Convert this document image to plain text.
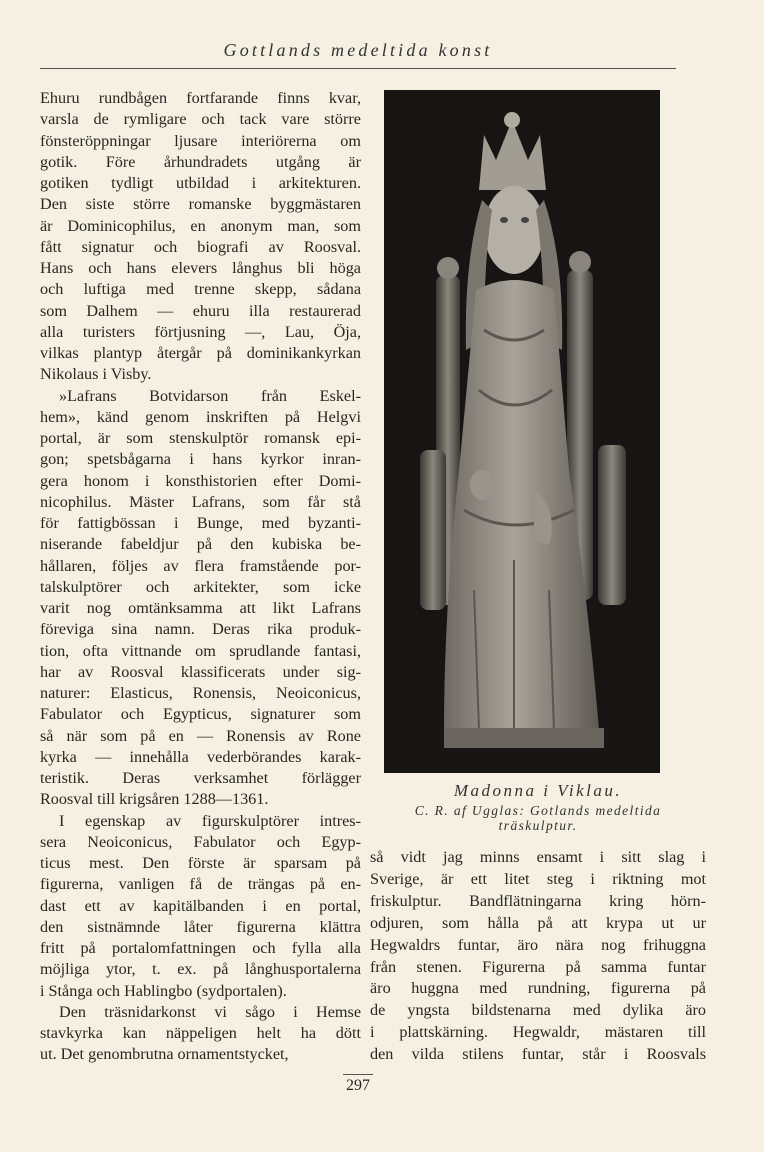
Gottlands medeltida konst
Ehuru rundbågen fortfarande finns kvar,
varsla de rymligare och tack vare större
fönsteröppningar ljusare interiörerna om
gotik. Före århundradets utgång är
gotiken tydligt utbildad i arkitekturen.
Den siste större romanske byggmästaren
är Dominicophilus, en anonym man, som
fått signatur och biografi av Roosval.
Hans och hans elevers långhus bli höga
och luftiga med trenne skepp, sådana
som Dalhem — ehuru illa restaurerad
alla turisters förtjusning —, Lau, Öja,
vilkas plantyp återgår på dominikankyrkan
Nikolaus i Visby.
»Lafrans Botvidarson från Eskel-
hem», känd genom inskriften på Helgvi
portal, är som stenskulptör romansk epi-
gon; spetsbågarna i hans kyrkor inran-
gera honom i konsthistorien efter Domi-
nicophilus. Mäster Lafrans, som får stå
för fattigbössan i Bunge, med byzanti-
niserande fabeldjur på den kubiska be-
hållaren, följes av flera framstående por-
talskulptörer och arkitekter, som icke
varit nog omtänksamma att likt Lafrans
föreviga sina namn. Deras rika produk-
tion, ofta vittnande om sprudlande fantasi,
har av Roosval klassificerats under sig-
naturer: Elasticus, Ronensis, Neoiconicus,
Fabulator och Egypticus, signaturer som
så när som på en — Ronensis av Rone
kyrka — innehålla vederbörandes karak-
teristik. Deras verksamhet förlägger
Roosval till krigsåren 1288—1361.
I egenskap av figurskulptörer intres-
sera Neoiconicus, Fabulator och Egyp-
ticus mest. Den förste är sparsam på
figurerna, vanligen få de trängas på en-
dast ett av kapitälbanden i en portal,
den sistnämnde låter figurerna klättra
fritt på portalomfattningen och fylla alla
möjliga ytor, t. ex. på långhusportalerna
i Stånga och Hablingbo (sydportalen).
Den träsnidarkonst vi sågo i Hemse
stavkyrka kan näppeligen helt ha dött
ut. Det genombrutna ornamentstycket,
Madonna i Viklau.
C. R. af Ugglas: Gotlands medeltida träskulptur.
så vidt jag minns ensamt i sitt slag i
Sverige, är ett litet steg i riktning mot
friskulptur. Bandflätningarna kring hörn-
odjuren, som hålla på att krypa ut ur
Hegwaldrs funtar, äro nära nog frihuggna
från stenen. Figurerna på samma funtar
äro huggna med rundning, figurerna på
de yngsta bildstenarna med dylika äro
i plattskärning. Hegwaldr, mästaren till
den vilda stilens funtar, står i Roosvals
297
